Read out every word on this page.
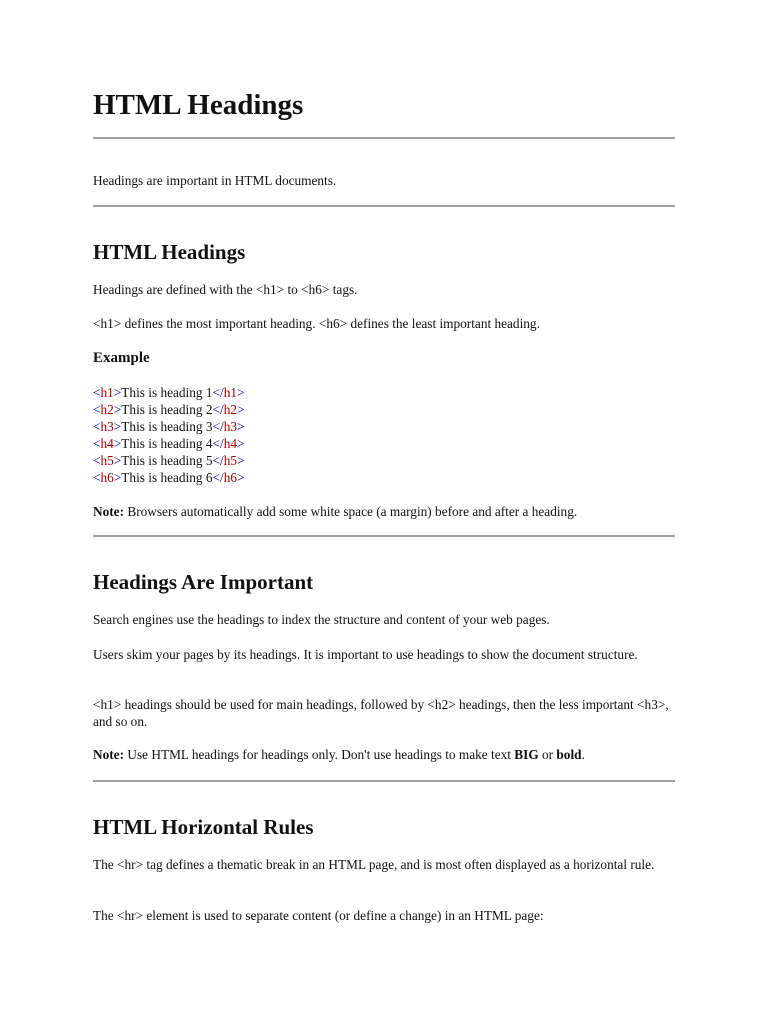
HTML Headings
Headings are important in HTML documents.
HTML Headings
Headings are defined with the <h1> to <h6> tags.
<h1> defines the most important heading. <h6> defines the least important heading.
Example
<h1>This is heading 1</h1>
<h2>This is heading 2</h2>
<h3>This is heading 3</h3>
<h4>This is heading 4</h4>
<h5>This is heading 5</h5>
<h6>This is heading 6</h6>
Note: Browsers automatically add some white space (a margin) before and after a heading.
Headings Are Important
Search engines use the headings to index the structure and content of your web pages.
Users skim your pages by its headings. It is important to use headings to show the document structure.
<h1> headings should be used for main headings, followed by <h2> headings, then the less important <h3>, and so on.
Note: Use HTML headings for headings only. Don't use headings to make text BIG or bold.
HTML Horizontal Rules
The <hr> tag defines a thematic break in an HTML page, and is most often displayed as a horizontal rule.
The <hr> element is used to separate content (or define a change) in an HTML page:
